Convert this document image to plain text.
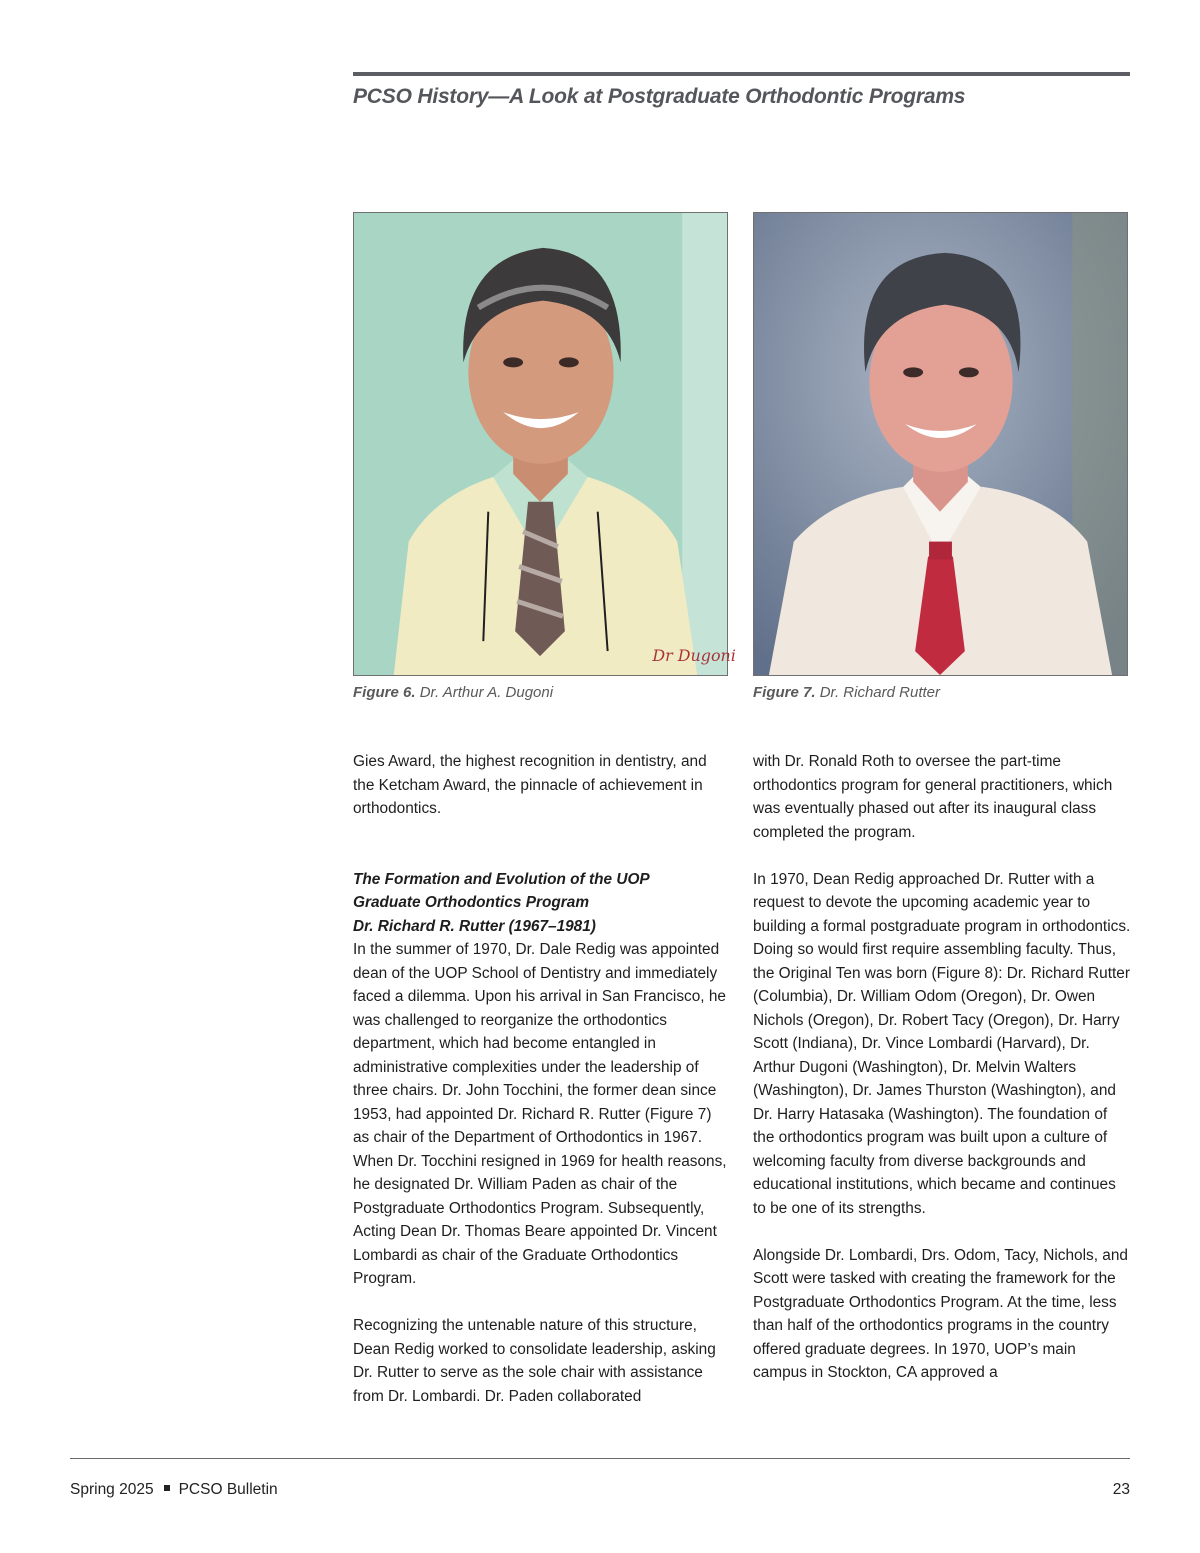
PCSO History—A Look at Postgraduate Orthodontic Programs
Dr Dugoni
Figure 6. Dr. Arthur A. Dugoni	Figure 7. Dr. Richard Rutter

Gies Award, the highest recognition in dentistry, and the Ketcham Award, the pinnacle of achievement in orthodontics.

The Formation and Evolution of the UOP
Graduate Orthodontics Program

Dr. Richard R. Rutter (1967–1981)

In the summer of 1970, Dr. Dale Redig was appointed dean of the UOP School of Dentistry and immediately faced a dilemma. Upon his arrival in San Francisco, he was challenged to reorganize the orthodontics department, which had become entangled in administrative complexities under the leadership of three chairs. Dr. John Tocchini, the former dean since 1953, had appointed Dr. Richard R. Rutter (Figure 7) as chair of the Department of Orthodontics in 1967. When Dr. Tocchini resigned in 1969 for health reasons, he designated Dr. William Paden as chair of the Postgraduate Orthodontics Program. Subsequently, Acting Dean Dr. Thomas Beare appointed Dr. Vincent Lombardi as chair of the Graduate Orthodontics Program.

Recognizing the untenable nature of this structure, Dean Redig worked to consolidate leadership, asking Dr. Rutter to serve as the sole chair with assistance from Dr. Lombardi. Dr. Paden collaborated

with Dr. Ronald Roth to oversee the part-time orthodontics program for general practitioners, which was eventually phased out after its inaugural class completed the program.

In 1970, Dean Redig approached Dr. Rutter with a request to devote the upcoming academic year to building a formal postgraduate program in orthodontics. Doing so would first require assembling faculty. Thus, the Original Ten was born (Figure 8): Dr. Richard Rutter (Columbia), Dr. William Odom (Oregon), Dr. Owen Nichols (Oregon), Dr. Robert Tacy (Oregon), Dr. Harry Scott (Indiana), Dr. Vince Lombardi (Harvard), Dr. Arthur Dugoni (Washington), Dr. Melvin Walters (Washington), Dr. James Thurston (Washington), and Dr. Harry Hatasaka (Washington). The foundation of the orthodontics program was built upon a culture of welcoming faculty from diverse backgrounds and educational institutions, which became and continues to be one of its strengths.

Alongside Dr. Lombardi, Drs. Odom, Tacy, Nichols, and Scott were tasked with creating the framework for the Postgraduate Orthodontics Program. At the time, less than half of the orthodontics programs in the country offered graduate degrees. In 1970, UOP’s main campus in Stockton, CA approved a

Spring 2025 PCSO Bulletin	23
